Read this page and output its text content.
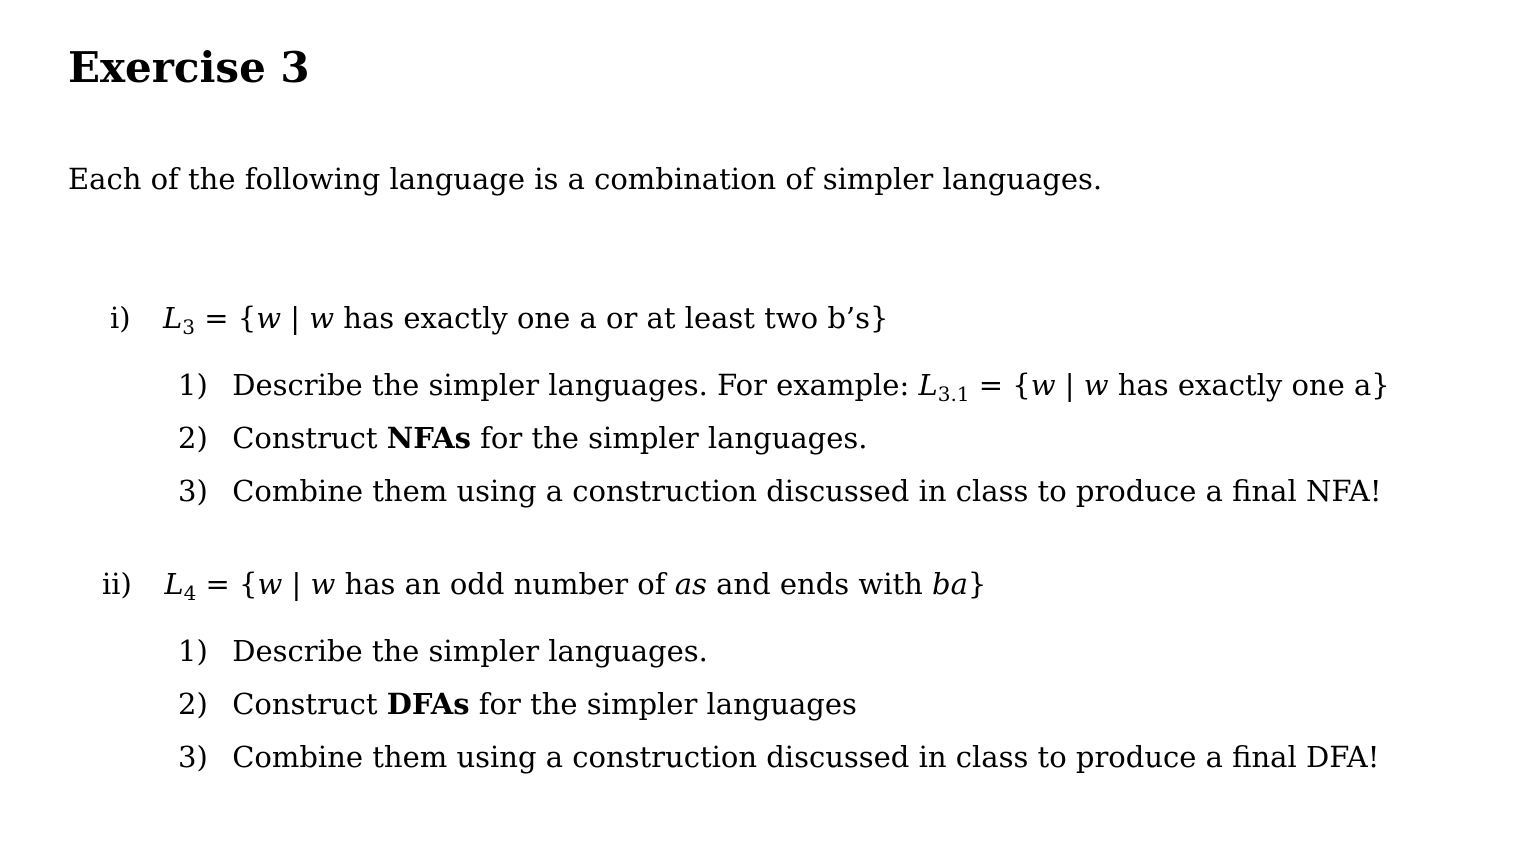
Exercise 3
Each of the following language is a combination of simpler languages.
i) $L_3 = \{w$ | w has exactly one a or at least two b’s}
1) Describe the simpler languages. For example: $L_{3.1} = \{w$ | w has exactly one a}
2) Construct NFAs for the simpler languages.
3) Combine them using a construction discussed in class to produce a final NFA!
ii) $L_4 = \{w$ | w has an odd number of as and ends with ba}
1) Describe the simpler languages.
2) Construct DFAs for the simpler languages
3) Combine them using a construction discussed in class to produce a final DFA!
